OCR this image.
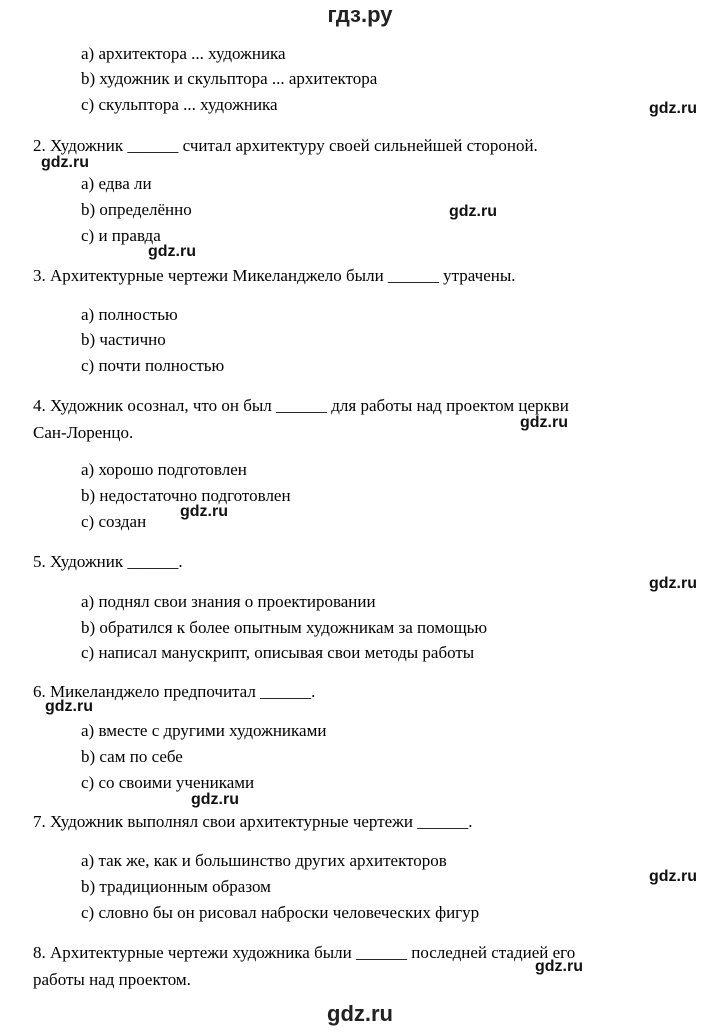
гдз.ру
a) архитектора ... художника
b) художник и скульптора ... архитектора
c) скульптора ... художника
2. Художник ______ считал архитектуру своей сильнейшей стороной.
a) едва ли
b) определённо
c) и правда
3. Архитектурные чертежи Микеланджело были ______ утрачены.
a) полностью
b) частично
c) почти полностью
4. Художник осознал, что он был ______ для работы над проектом церкви
Сан-Лоренцо.
a) хорошо подготовлен
b) недостаточно подготовлен
c) создан
5. Художник ______.
a) поднял свои знания о проектировании
b) обратился к более опытным художникам за помощью
c) написал манускрипт, описывая свои методы работы
6. Микеланджело предпочитал ______.
a) вместе с другими художниками
b) сам по себе
c) со своими учениками
7. Художник выполнял свои архитектурные чертежи ______.
a) так же, как и большинство других архитекторов
b) традиционным образом
c) словно бы он рисовал наброски человеческих фигур
8. Архитектурные чертежи художника были ______ последней стадией его
работы над проектом.
gdz.ru
gdz.ru
gdz.ru
gdz.ru
gdz.ru
gdz.ru
gdz.ru
gdz.ru
gdz.ru
gdz.ru
gdz.ru
gdz.ru
